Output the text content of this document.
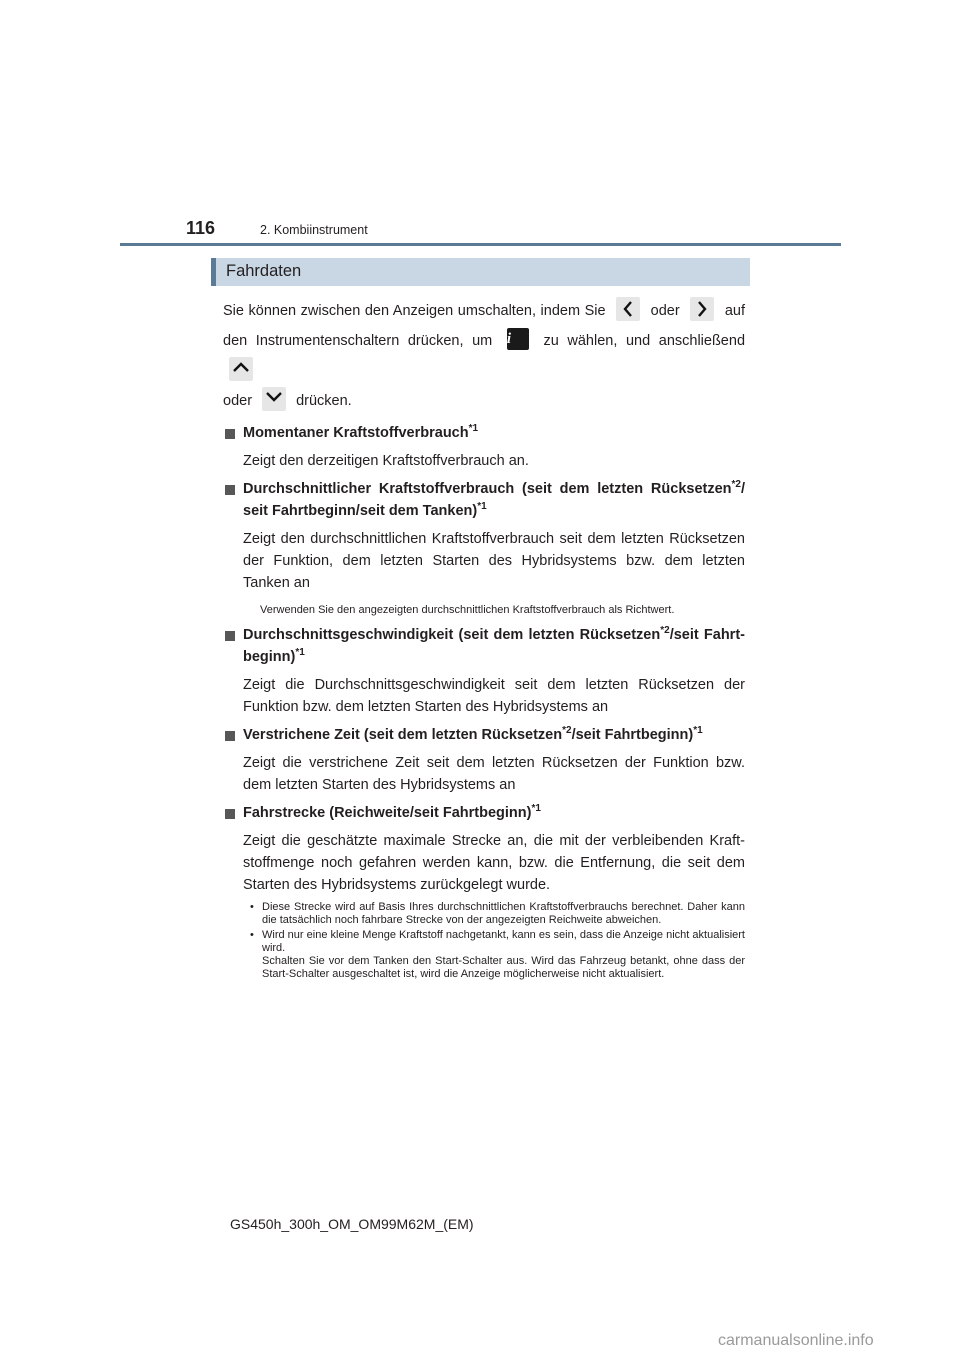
116	2. Kombiinstrument
Fahrdaten

Sie können zwischen den Anzeigen umschalten, indem Sie	oder	auf den Instrumentenschaltern drücken, um i zu wählen, und anschließend

oder	drücken.

Momentaner Kraftstoffverbrauch$^{*1}$
Zeigt den derzeitigen Kraftstoffverbrauch an.
Durchschnittlicher Kraftstoffverbrauch (seit dem letzten Rücksetzen$^{*2}$/ seit Fahrtbeginn/seit dem Tanken)$^{*1}$
Zeigt den durchschnittlichen Kraftstoffverbrauch seit dem letzten Rücksetzen der Funktion, dem letzten Starten des Hybridsystems bzw. dem letzten Tanken an
Verwenden Sie den angezeigten durchschnittlichen Kraftstoffverbrauch als Richtwert.
Durchschnittsgeschwindigkeit (seit dem letzten Rücksetzen$^{*2}$/seit Fahrtbeginn)$^{*1}$
Zeigt die Durchschnittsgeschwindigkeit seit dem letzten Rücksetzen der Funktion bzw. dem letzten Starten des Hybridsystems an
Verstrichene Zeit (seit dem letzten Rücksetzen$^{*2}$/seit Fahrtbeginn)$^{*1}$
Zeigt die verstrichene Zeit seit dem letzten Rücksetzen der Funktion bzw. dem letzten Starten des Hybridsystems an
Fahrstrecke (Reichweite/seit Fahrtbeginn)$^{*1}$
Zeigt die geschätzte maximale Strecke an, die mit der verbleibenden Kraftstoffmenge noch gefahren werden kann, bzw. die Entfernung, die seit dem Starten des Hybridsystems zurückgelegt wurde.
• Diese Strecke wird auf Basis Ihres durchschnittlichen Kraftstoffverbrauchs berechnet. Daher kann die tatsächlich noch fahrbare Strecke von der angezeigten Reichweite abweichen.
• Wird nur eine kleine Menge Kraftstoff nachgetankt, kann es sein, dass die Anzeige nicht aktualisiert wird.
Schalten Sie vor dem Tanken den Start-Schalter aus. Wird das Fahrzeug betankt, ohne dass der Start-Schalter ausgeschaltet ist, wird die Anzeige möglicherweise nicht aktualisiert.
GS450h_300h_OM_OM99M62M_(EM)
carmanualsonline.info
